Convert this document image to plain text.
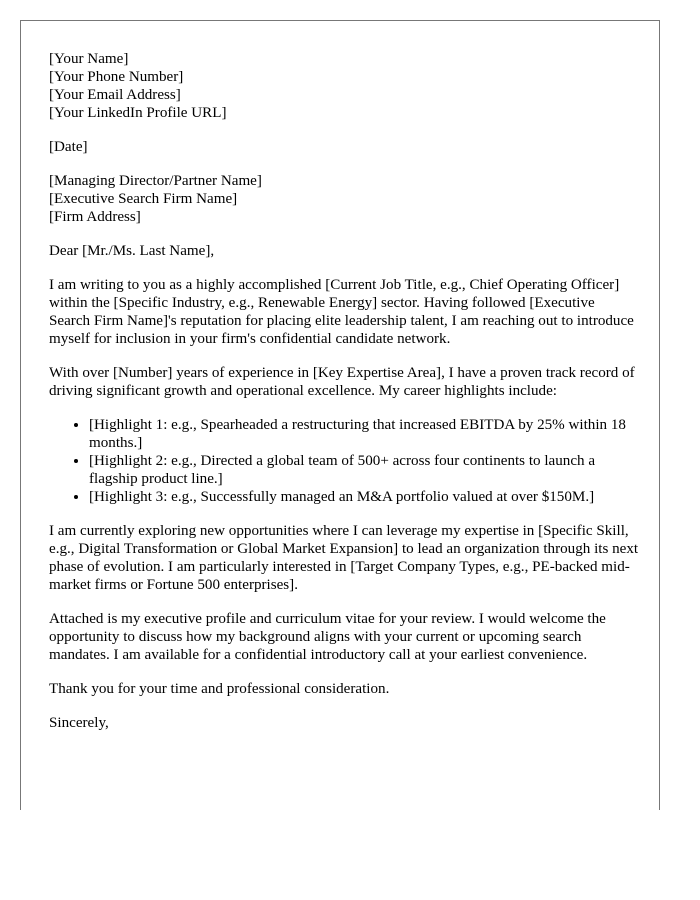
[Your Name]
[Your Phone Number]
[Your Email Address]
[Your LinkedIn Profile URL]

[Date]

[Managing Director/Partner Name]
[Executive Search Firm Name]
[Firm Address]

Dear [Mr./Ms. Last Name],

I am writing to you as a highly accomplished [Current Job Title, e.g., Chief Operating Officer] within the [Specific Industry, e.g., Renewable Energy] sector. Having followed [Executive Search Firm Name]'s reputation for placing elite leadership talent, I am reaching out to introduce myself for inclusion in your firm's confidential candidate network.

With over [Number] years of experience in [Key Expertise Area], I have a proven track record of driving significant growth and operational excellence. My career highlights include:

• [Highlight 1: e.g., Spearheaded a restructuring that increased EBITDA by 25% within 18 months.]
• [Highlight 2: e.g., Directed a global team of 500+ across four continents to launch a flagship product line.]
• [Highlight 3: e.g., Successfully managed an M&A portfolio valued at over $150M.]

I am currently exploring new opportunities where I can leverage my expertise in [Specific Skill, e.g., Digital Transformation or Global Market Expansion] to lead an organization through its next phase of evolution. I am particularly interested in [Target Company Types, e.g., PE-backed mid-market firms or Fortune 500 enterprises].

Attached is my executive profile and curriculum vitae for your review. I would welcome the opportunity to discuss how my background aligns with your current or upcoming search mandates. I am available for a confidential introductory call at your earliest convenience.

Thank you for your time and professional consideration.

Sincerely,
